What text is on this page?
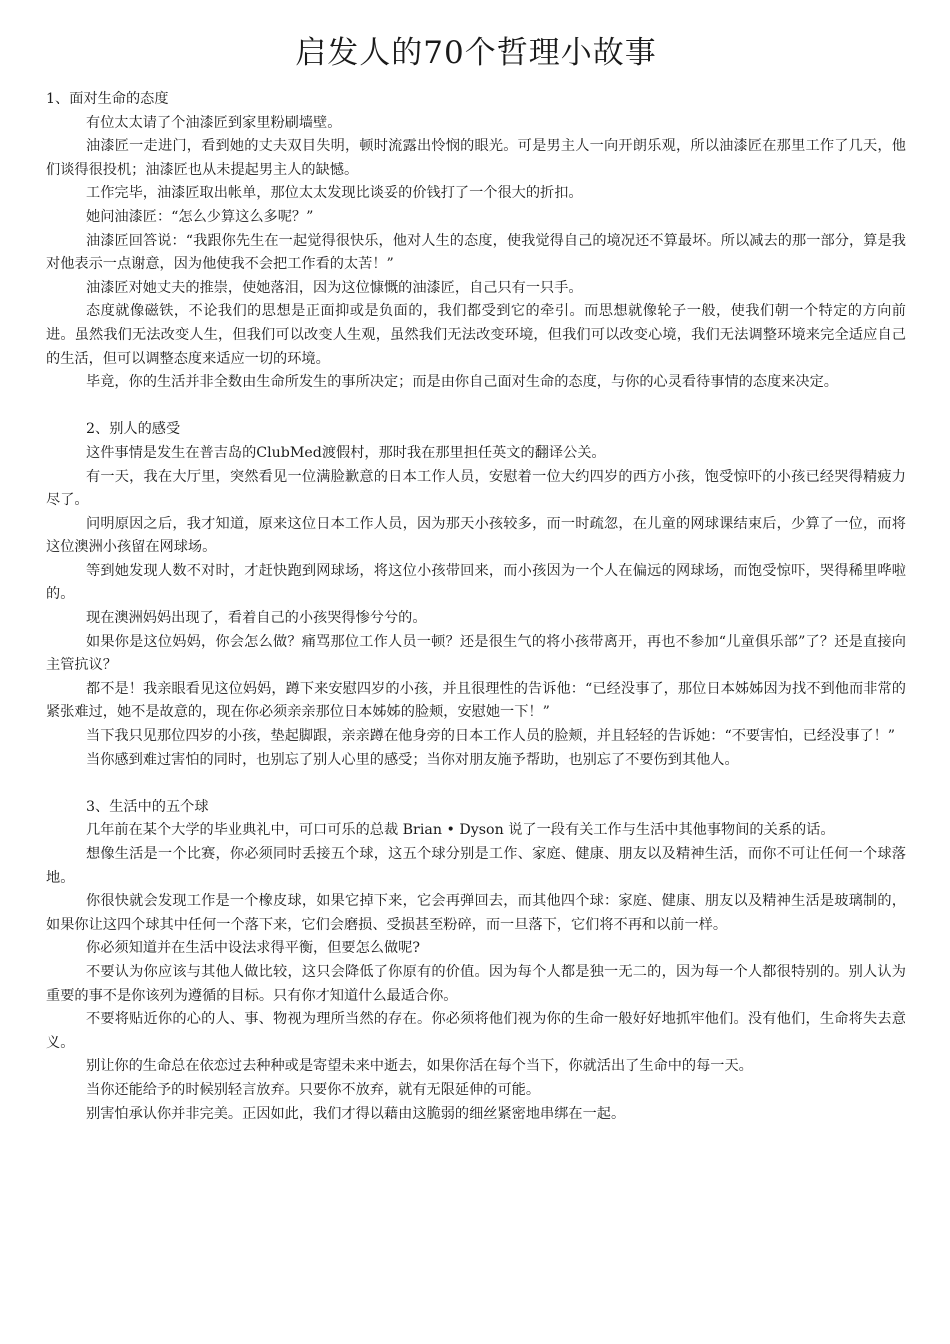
启发人的70个哲理小故事

1、面对生命的态度

有位太太请了个油漆匠到家里粉刷墙壁。

油漆匠一走进门，看到她的丈夫双目失明，顿时流露出怜悯的眼光。可是男主人一向开朗乐观，所以油漆匠在那里工作了几天，他们谈得很投机；油漆匠也从未提起男主人的缺憾。

工作完毕，油漆匠取出帐单，那位太太发现比谈妥的价钱打了一个很大的折扣。

她问油漆匠：“怎么少算这么多呢？”

油漆匠回答说：“我跟你先生在一起觉得很快乐，他对人生的态度，使我觉得自己的境况还不算最坏。所以减去的那一部分，算是我对他表示一点谢意，因为他使我不会把工作看的太苦！”

油漆匠对她丈夫的推崇，使她落泪，因为这位慷慨的油漆匠，自己只有一只手。

态度就像磁铁，不论我们的思想是正面抑或是负面的，我们都受到它的牵引。而思想就像轮子一般，使我们朝一个特定的方向前进。虽然我们无法改变人生，但我们可以改变人生观，虽然我们无法改变环境，但我们可以改变心境，我们无法调整环境来完全适应自己的生活，但可以调整态度来适应一切的环境。

毕竟，你的生活并非全数由生命所发生的事所决定；而是由你自己面对生命的态度，与你的心灵看待事情的态度来决定。

2、别人的感受

这件事情是发生在普吉岛的ClubMed渡假村，那时我在那里担任英文的翻译公关。

有一天，我在大厅里，突然看见一位满脸歉意的日本工作人员，安慰着一位大约四岁的西方小孩，饱受惊吓的小孩已经哭得精疲力尽了。

问明原因之后，我才知道，原来这位日本工作人员，因为那天小孩较多，而一时疏忽，在儿童的网球课结束后，少算了一位，而将这位澳洲小孩留在网球场。

等到她发现人数不对时，才赶快跑到网球场，将这位小孩带回来，而小孩因为一个人在偏远的网球场，而饱受惊吓，哭得稀里哗啦的。

现在澳洲妈妈出现了，看着自己的小孩哭得惨兮兮的。

如果你是这位妈妈，你会怎么做？痛骂那位工作人员一顿？还是很生气的将小孩带离开，再也不参加“儿童俱乐部”了？还是直接向主管抗议？

都不是！我亲眼看见这位妈妈，蹲下来安慰四岁的小孩，并且很理性的告诉他：“已经没事了，那位日本姊姊因为找不到他而非常的紧张难过，她不是故意的，现在你必须亲亲那位日本姊姊的脸颊，安慰她一下！”

当下我只见那位四岁的小孩，垫起脚跟，亲亲蹲在他身旁的日本工作人员的脸颊，并且轻轻的告诉她：“不要害怕，已经没事了！”

当你感到难过害怕的同时，也别忘了别人心里的感受；当你对朋友施予帮助，也别忘了不要伤到其他人。

3、生活中的五个球

几年前在某个大学的毕业典礼中，可口可乐的总裁 Brian • Dyson 说了一段有关工作与生活中其他事物间的关系的话。

想像生活是一个比赛，你必须同时丢接五个球，这五个球分别是工作、家庭、健康、朋友以及精神生活，而你不可让任何一个球落地。

你很快就会发现工作是一个橡皮球，如果它掉下来，它会再弹回去，而其他四个球：家庭、健康、朋友以及精神生活是玻璃制的，如果你让这四个球其中任何一个落下来，它们会磨损、受损甚至粉碎，而一旦落下，它们将不再和以前一样。

你必须知道并在生活中设法求得平衡，但要怎么做呢?

不要认为你应该与其他人做比较，这只会降低了你原有的价值。因为每个人都是独一无二的，因为每一个人都很特别的。别人认为重要的事不是你该列为遵循的目标。只有你才知道什么最适合你。

不要将贴近你的心的人、事、物视为理所当然的存在。你必须将他们视为你的生命一般好好地抓牢他们。没有他们，生命将失去意义。

别让你的生命总在依恋过去种种或是寄望未来中逝去，如果你活在每个当下，你就活出了生命中的每一天。

当你还能给予的时候别轻言放弃。只要你不放弃，就有无限延伸的可能。

别害怕承认你并非完美。正因如此，我们才得以藉由这脆弱的细丝紧密地串绑在一起。
